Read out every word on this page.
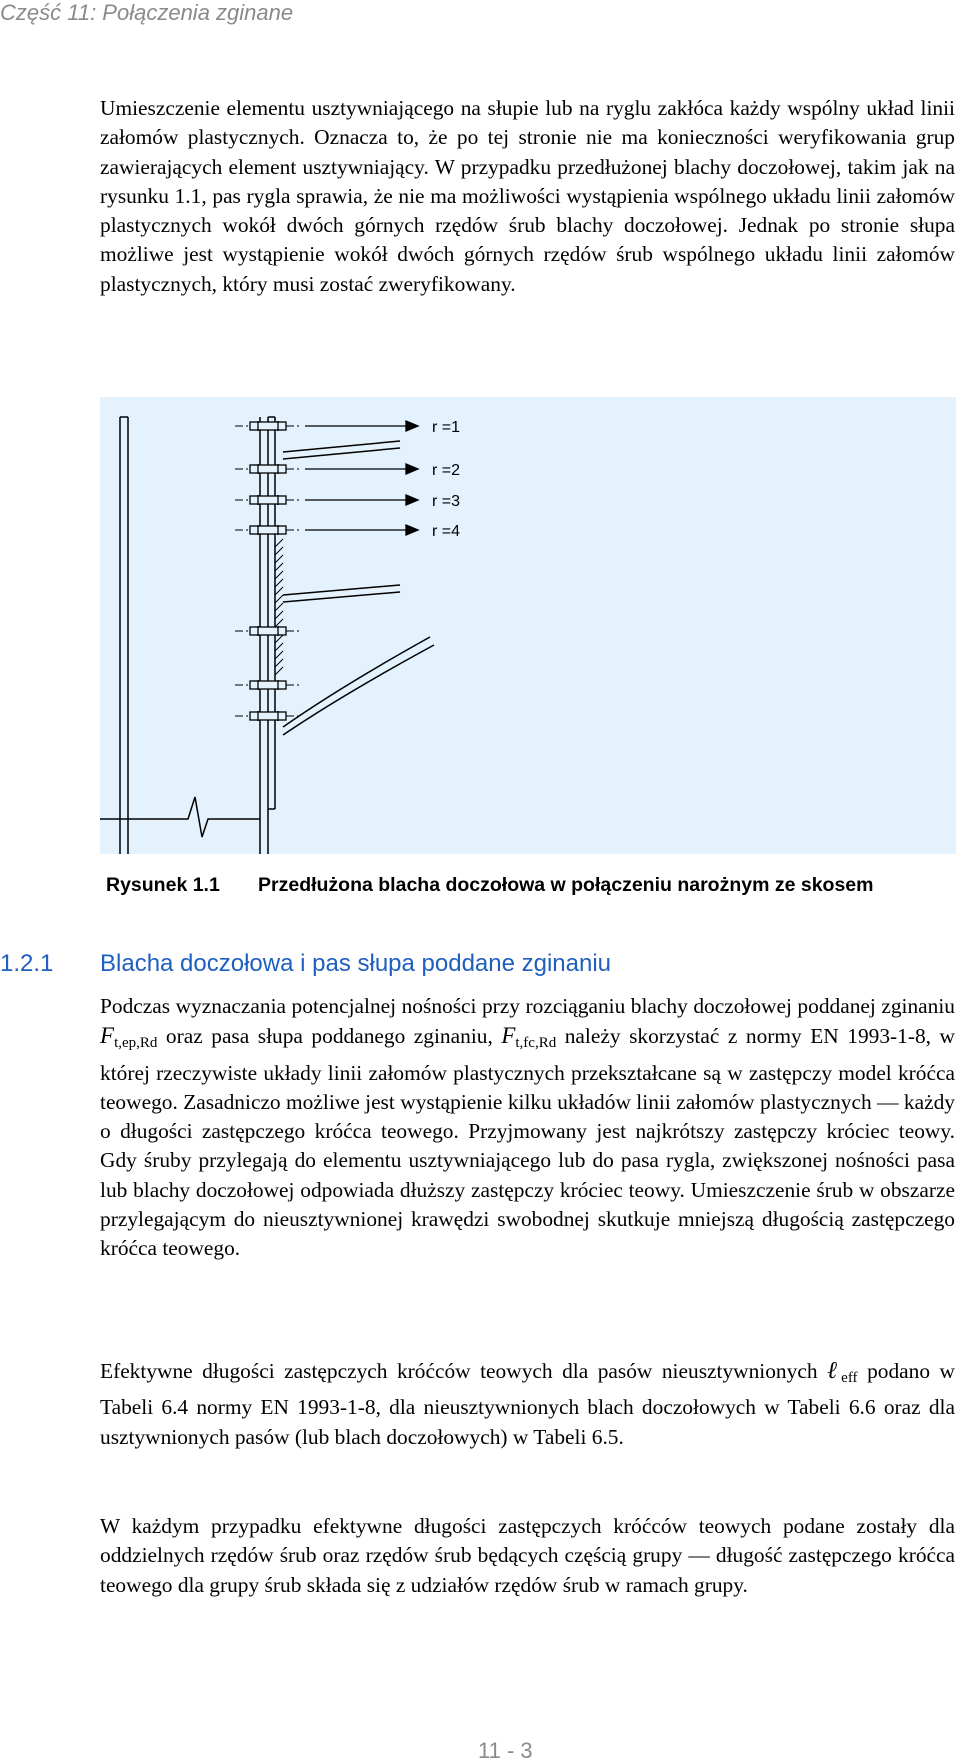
Część 11: Połączenia zginane

Umieszczenie elementu usztywniającego na słupie lub na ryglu zakłóca każdy wspólny układ linii załomów plastycznych. Oznacza to, że po tej stronie nie ma konieczności weryfikowania grup zawierających element usztywniający. W przypadku przedłużonej blachy doczołowej, takim jak na rysunku 1.1, pas rygla sprawia, że nie ma możliwości wystąpienia wspólnego układu linii załomów plastycznych wokół dwóch górnych rzędów śrub blachy doczołowej. Jednak po stronie słupa możliwe jest wystąpienie wokół dwóch górnych rzędów śrub wspólnego układu linii załomów plastycznych, który musi zostać zweryfikowany.

r =1
r =2
r =3
r =4
Rysunek 1.1 Przedłużona blacha doczołowa w połączeniu narożnym ze skosem
1.2.1 Blacha doczołowa i pas słupa poddane zginaniu

Podczas wyznaczania potencjalnej nośności przy rozciąganiu blachy doczołowej poddanej zginaniu $F_{t,ep,Rd}$ oraz pasa słupa poddanego zginaniu, $F_{t,fc,Rd}$ należy skorzystać z normy EN 1993-1-8, w której rzeczywiste układy linii załomów plastycznych przekształcane są w zastępczy model króćca teowego. Zasadniczo możliwe jest wystąpienie kilku układów linii załomów plastycznych — każdy o długości zastępczego króćca teowego. Przyjmowany jest najkrótszy zastępczy króciec teowy. Gdy śruby przylegają do elementu usztywniającego lub do pasa rygla, zwiększonej nośności pasa lub blachy doczołowej odpowiada dłuższy zastępczy króciec teowy. Umieszczenie śrub w obszarze przylegającym do nieusztywnionej krawędzi swobodnej skutkuje mniejszą długością zastępczego króćca teowego.

Efektywne długości zastępczych króćców teowych dla pasów nieusztywnionych ℓ$_{eff}$ podano w Tabeli 6.4 normy EN 1993-1-8, dla nieusztywnionych blach doczołowych w Tabeli 6.6 oraz dla usztywnionych pasów (lub blach doczołowych) w Tabeli 6.5.

W każdym przypadku efektywne długości zastępczych króćców teowych podane zostały dla oddzielnych rzędów śrub oraz rzędów śrub będących częścią grupy — długość zastępczego króćca teowego dla grupy śrub składa się z udziałów rzędów śrub w ramach grupy.

11 - 3
